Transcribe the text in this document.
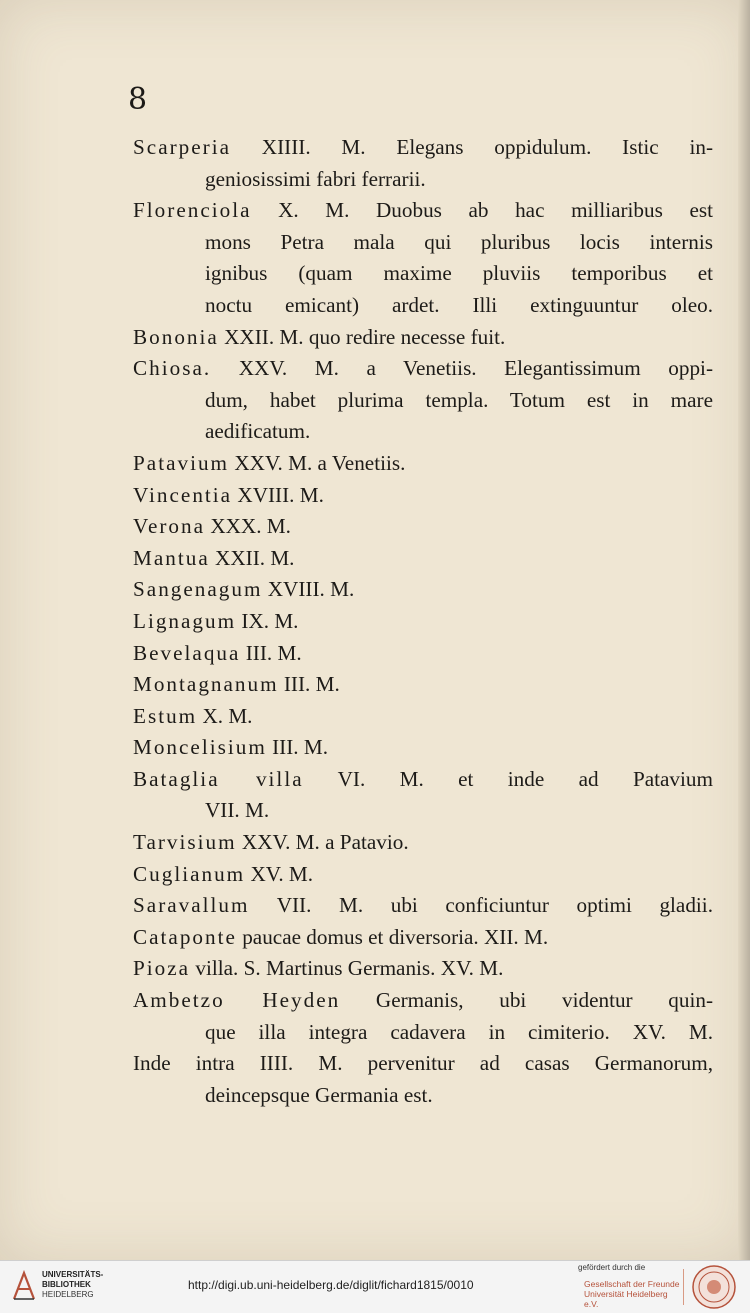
8
Scarperia XIIII. M. Elegans oppidulum. Istic in-
geniosissimi fabri ferrarii.
Florenciola X. M. Duobus ab hac milliaribus est
mons Petra mala qui pluribus locis internis
ignibus (quam maxime pluviis temporibus et
noctu emicant) ardet. Illi extinguuntur oleo.
Bononia XXII. M. quo redire necesse fuit.
Chiosa. XXV. M. a Venetiis. Elegantissimum oppi-
dum, habet plurima templa. Totum est in mare
aedificatum.
Patavium XXV. M. a Venetiis.
Vincentia XVIII. M.
Verona XXX. M.
Mantua XXII. M.
Sangenagum XVIII. M.
Lignagum IX. M.
Bevelaqua III. M.
Montagnanum III. M.
Estum X. M.
Moncelisium III. M.
Bataglia villa VI. M. et inde ad Patavium
VII. M.
Tarvisium XXV. M. a Patavio.
Cuglianum XV. M.
Saravallum VII. M. ubi conficiuntur optimi gladii.
Cataponte paucae domus et diversoria. XII. M.
Pioza villa. S. Martinus Germanis. XV. M.
Ambetzo Heyden Germanis, ubi videntur quin-
que illa integra cadavera in cimiterio. XV. M.
Inde intra IIII. M. pervenitur ad casas Germanorum,
deincepsque Germania est.
UNIVERSITÄTS-
BIBLIOTHEK
HEIDELBERG
http://digi.ub.uni-heidelberg.de/diglit/fichard1815/0010
gefördert durch die
Gesellschaft der Freunde
Universität Heidelberg e.V.
